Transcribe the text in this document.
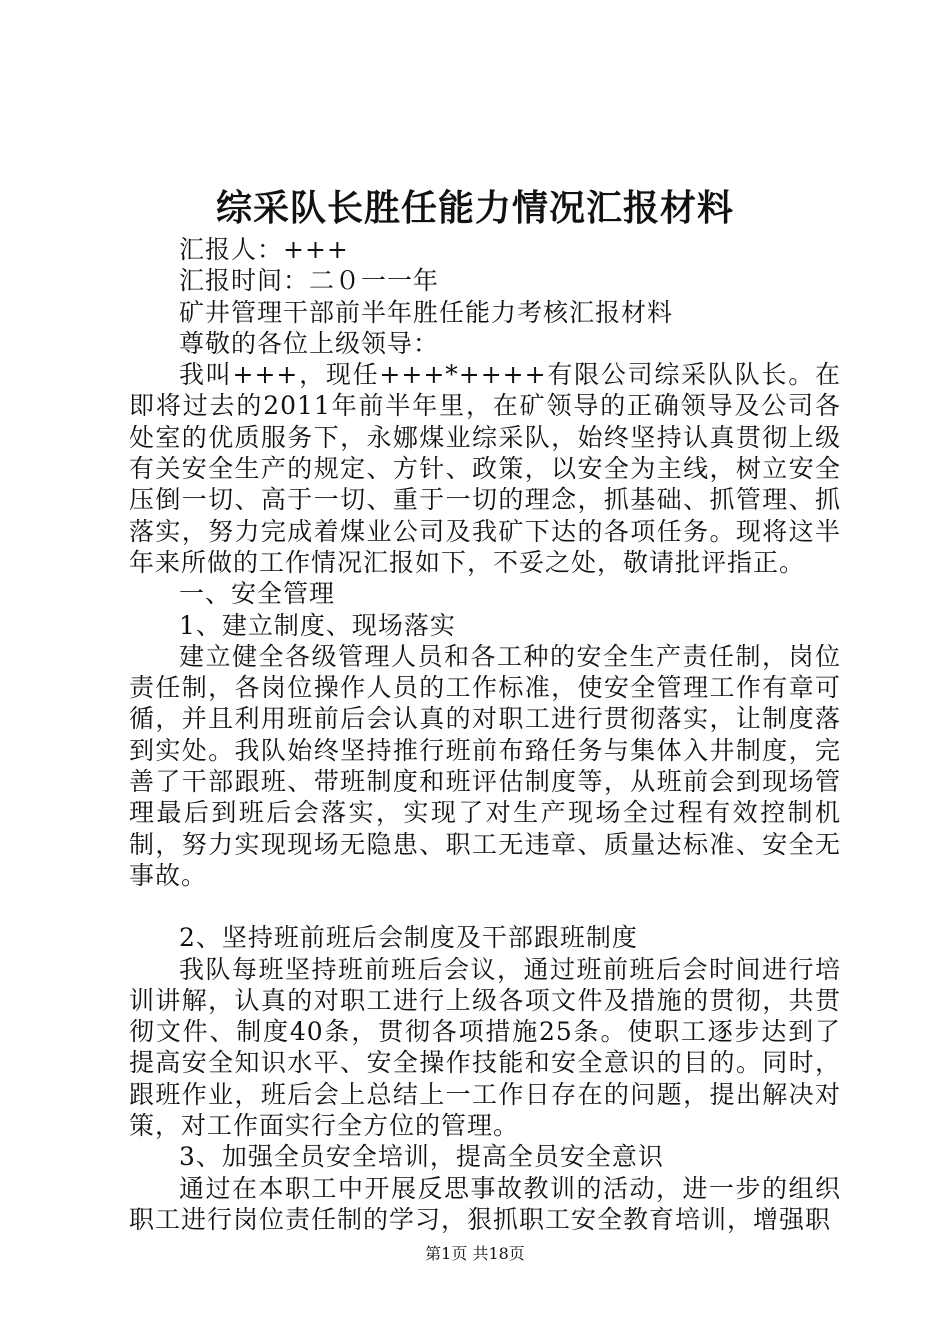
综采队长胜任能力情况汇报材料

汇报人：+++

汇报时间：二０一一年

矿井管理干部前半年胜任能力考核汇报材料

尊敬的各位上级领导：

我叫+++，现任+++*++++有限公司综采队队长。在即将过去的2011年前半年里，在矿领导的正确领导及公司各处室的优质服务下，永娜煤业综采队，始终坚持认真贯彻上级有关安全生产的规定、方针、政策，以安全为主线，树立安全压倒一切、高于一切、重于一切的理念，抓基础、抓管理、抓落实，努力完成着煤业公司及我矿下达的各项任务。现将这半年来所做的工作情况汇报如下，不妥之处，敬请批评指正。

一、安全管理

1、建立制度、现场落实

建立健全各级管理人员和各工种的安全生产责任制，岗位责任制，各岗位操作人员的工作标准，使安全管理工作有章可循，并且利用班前后会认真的对职工进行贯彻落实，让制度落到实处。我队始终坚持推行班前布臵任务与集体入井制度，完善了干部跟班、带班制度和班评估制度等，从班前会到现场管理最后到班后会落实，实现了对生产现场全过程有效控制机制，努力实现现场无隐患、职工无违章、质量达标准、安全无事故。

2、坚持班前班后会制度及干部跟班制度

我队每班坚持班前班后会议，通过班前班后会时间进行培训讲解，认真的对职工进行上级各项文件及措施的贯彻，共贯彻文件、制度40条，贯彻各项措施25条。使职工逐步达到了提高安全知识水平、安全操作技能和安全意识的目的。同时，跟班作业，班后会上总结上一工作日存在的问题，提出解决对策，对工作面实行全方位的管理。

3、加强全员安全培训，提高全员安全意识

通过在本职工中开展反思事故教训的活动，进一步的组织职工进行岗位责任制的学习，狠抓职工安全教育培训，增强职

第1页 共18页
